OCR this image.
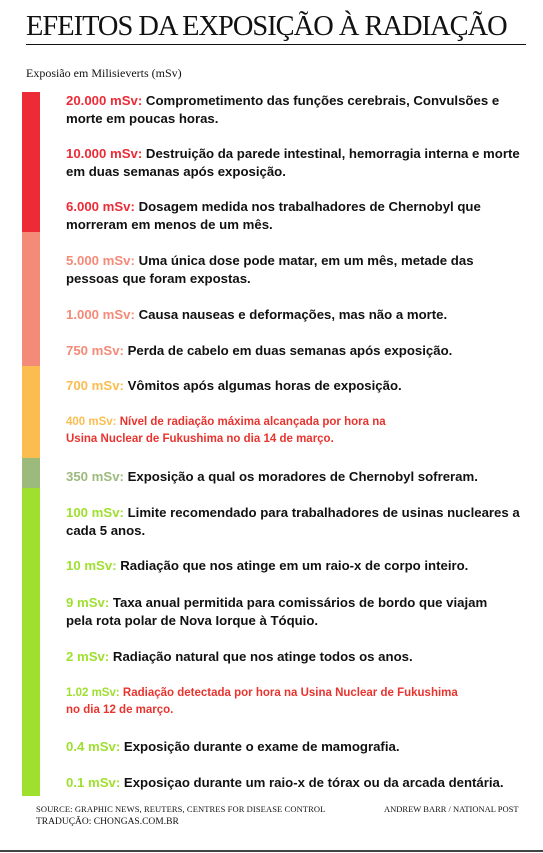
EFEITOS DA EXPOSIÇÃO À RADIAÇÃO
Exposião em Milisieverts (mSv)
20.000 mSv: Comprometimento das funções cerebrais, Convulsões e morte em poucas horas.
10.000 mSv: Destruição da parede intestinal, hemorragia interna e morte em duas semanas após exposição.
6.000 mSv: Dosagem medida nos trabalhadores de Chernobyl que morreram em menos de um mês.
5.000 mSv: Uma única dose pode matar, em um mês, metade das pessoas que foram expostas.
1.000 mSv: Causa nauseas e deformações, mas não a morte.
750 mSv: Perda de cabelo em duas semanas após exposição.
700 mSv: Vômitos após algumas horas de exposição.
400 mSv: Nível de radiação máxima alcançada por hora na Usina Nuclear de Fukushima no dia 14 de março.
350 mSv: Exposição a qual os moradores de Chernobyl sofreram.
100 mSv: Limite recomendado para trabalhadores de usinas nucleares a cada 5 anos.
10 mSv: Radiação que nos atinge em um raio-x de corpo inteiro.
9 mSv: Taxa anual permitida para comissários de bordo que viajam pela rota polar de Nova Iorque à Tóquio.
2 mSv: Radiação natural que nos atinge todos os anos.
1.02 mSv: Radiação detectada por hora na Usina Nuclear de Fukushima no dia 12 de março.
0.4 mSv: Exposição durante o exame de mamografia.
0.1 mSv: Exposiçao durante um raio-x de tórax ou da arcada dentária.
SOURCE: GRAPHIC NEWS, REUTERS, CENTRES FOR DISEASE CONTROL
TRADUÇÃO: CHONGAS.COM.BR
ANDREW BARR / NATIONAL POST
